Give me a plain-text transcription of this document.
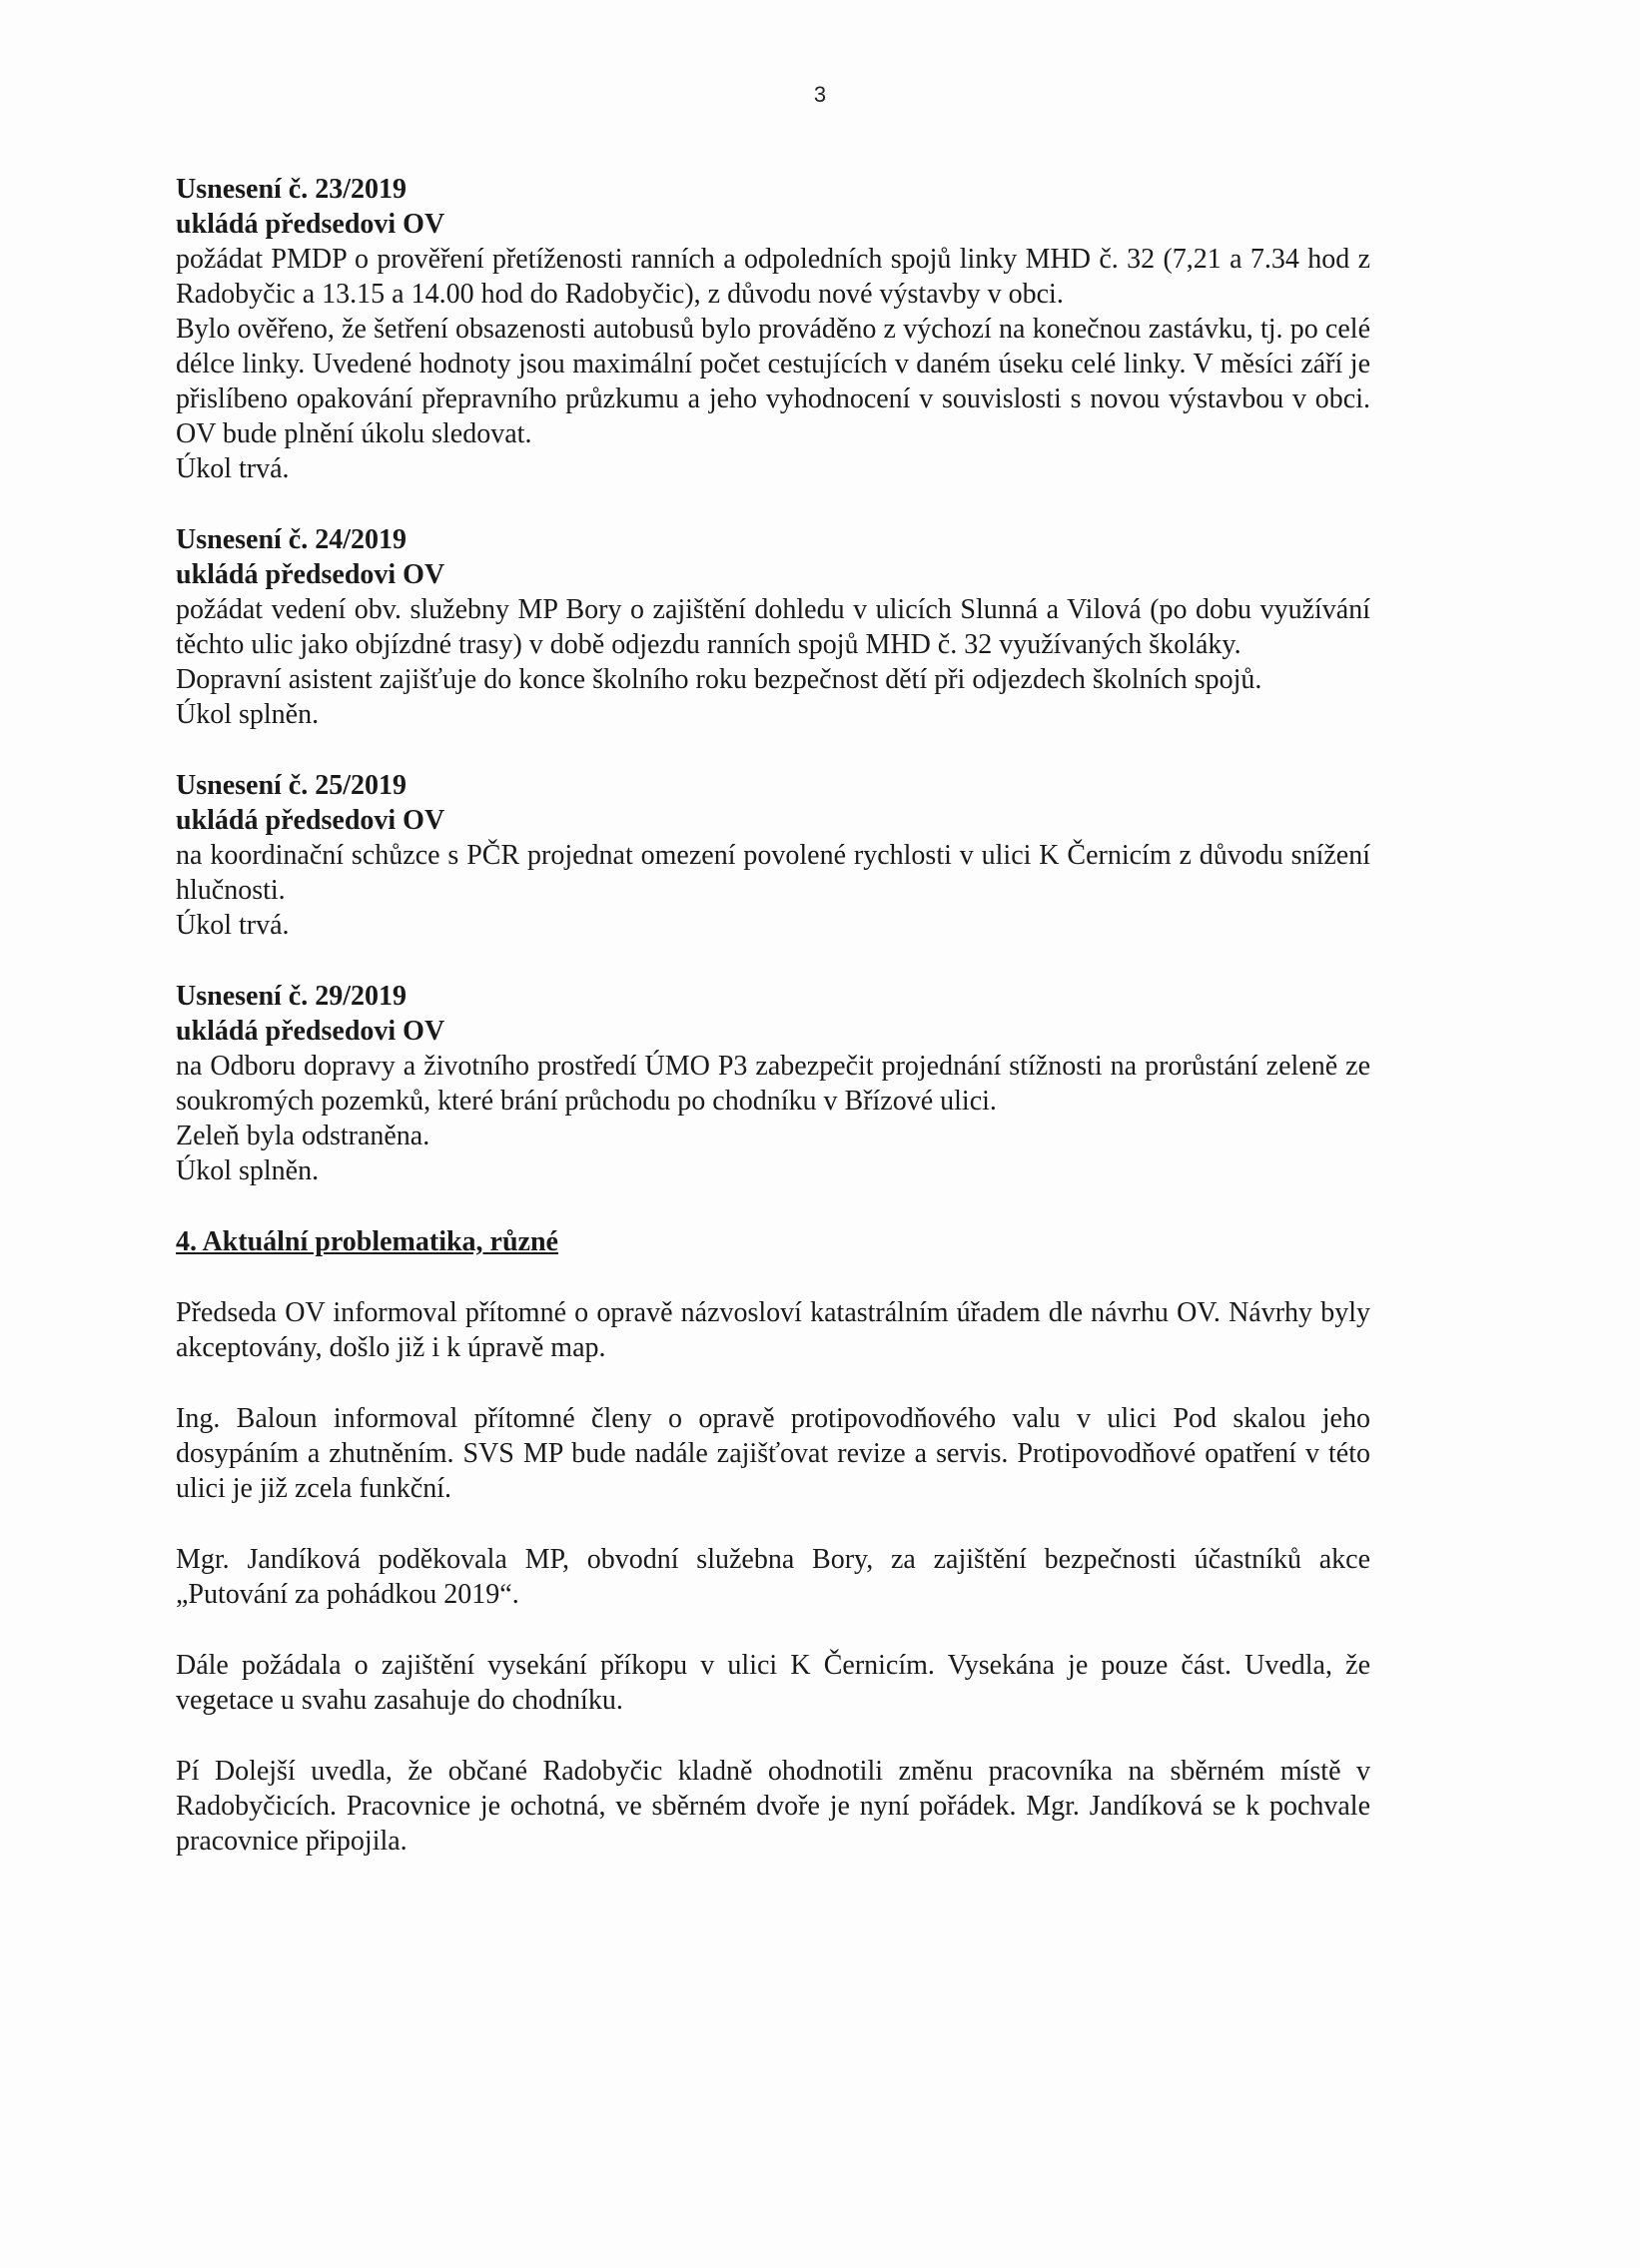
3

Usnesení č. 23/2019

ukládá předsedovi OV

požádat PMDP o prověření přetíženosti ranních a odpoledních spojů linky MHD č. 32 (7,21 a 7.34 hod z Radobyčic a 13.15 a 14.00 hod do Radobyčic), z důvodu nové výstavby v obci.

Bylo ověřeno, že šetření obsazenosti autobusů bylo prováděno z výchozí na konečnou zastávku, tj. po celé délce linky. Uvedené hodnoty jsou maximální počet cestujících v daném úseku celé linky. V měsíci září je přislíbeno opakování přepravního průzkumu a jeho vyhodnocení v souvislosti s novou výstavbou v obci. OV bude plnění úkolu sledovat.

Úkol trvá.

Usnesení č. 24/2019

ukládá předsedovi OV

požádat vedení obv. služebny MP Bory o zajištění dohledu v ulicích Slunná a Vilová (po dobu využívání těchto ulic jako objízdné trasy) v době odjezdu ranních spojů MHD č. 32 využívaných školáky.

Dopravní asistent zajišťuje do konce školního roku bezpečnost dětí při odjezdech školních spojů.

Úkol splněn.

Usnesení č. 25/2019

ukládá předsedovi OV

na koordinační schůzce s PČR projednat omezení povolené rychlosti v ulici K Černicím z důvodu snížení hlučnosti.

Úkol trvá.

Usnesení č. 29/2019

ukládá předsedovi OV

na Odboru dopravy a životního prostředí ÚMO P3 zabezpečit projednání stížnosti na prorůstání zeleně ze soukromých pozemků, které brání průchodu po chodníku v Břízové ulici.

Zeleň byla odstraněna.

Úkol splněn.

4. Aktuální problematika, různé

Předseda OV informoval přítomné o opravě názvosloví katastrálním úřadem dle návrhu OV. Návrhy byly akceptovány, došlo již i k úpravě map.

Ing. Baloun informoval přítomné členy o opravě protipovodňového valu v ulici Pod skalou jeho dosypáním a zhutněním. SVS MP bude nadále zajišťovat revize a servis. Protipovodňové opatření v této ulici je již zcela funkční.

Mgr. Jandíková poděkovala MP, obvodní služebna Bory, za zajištění bezpečnosti účastníků akce „Putování za pohádkou 2019“.

Dále požádala o zajištění vysekání příkopu v ulici K Černicím. Vysekána je pouze část. Uvedla, že vegetace u svahu zasahuje do chodníku.

Pí Dolejší uvedla, že občané Radobyčic kladně ohodnotili změnu pracovníka na sběrném místě v Radobyčicích. Pracovnice je ochotná, ve sběrném dvoře je nyní pořádek. Mgr. Jandíková se k pochvale pracovnice připojila.
